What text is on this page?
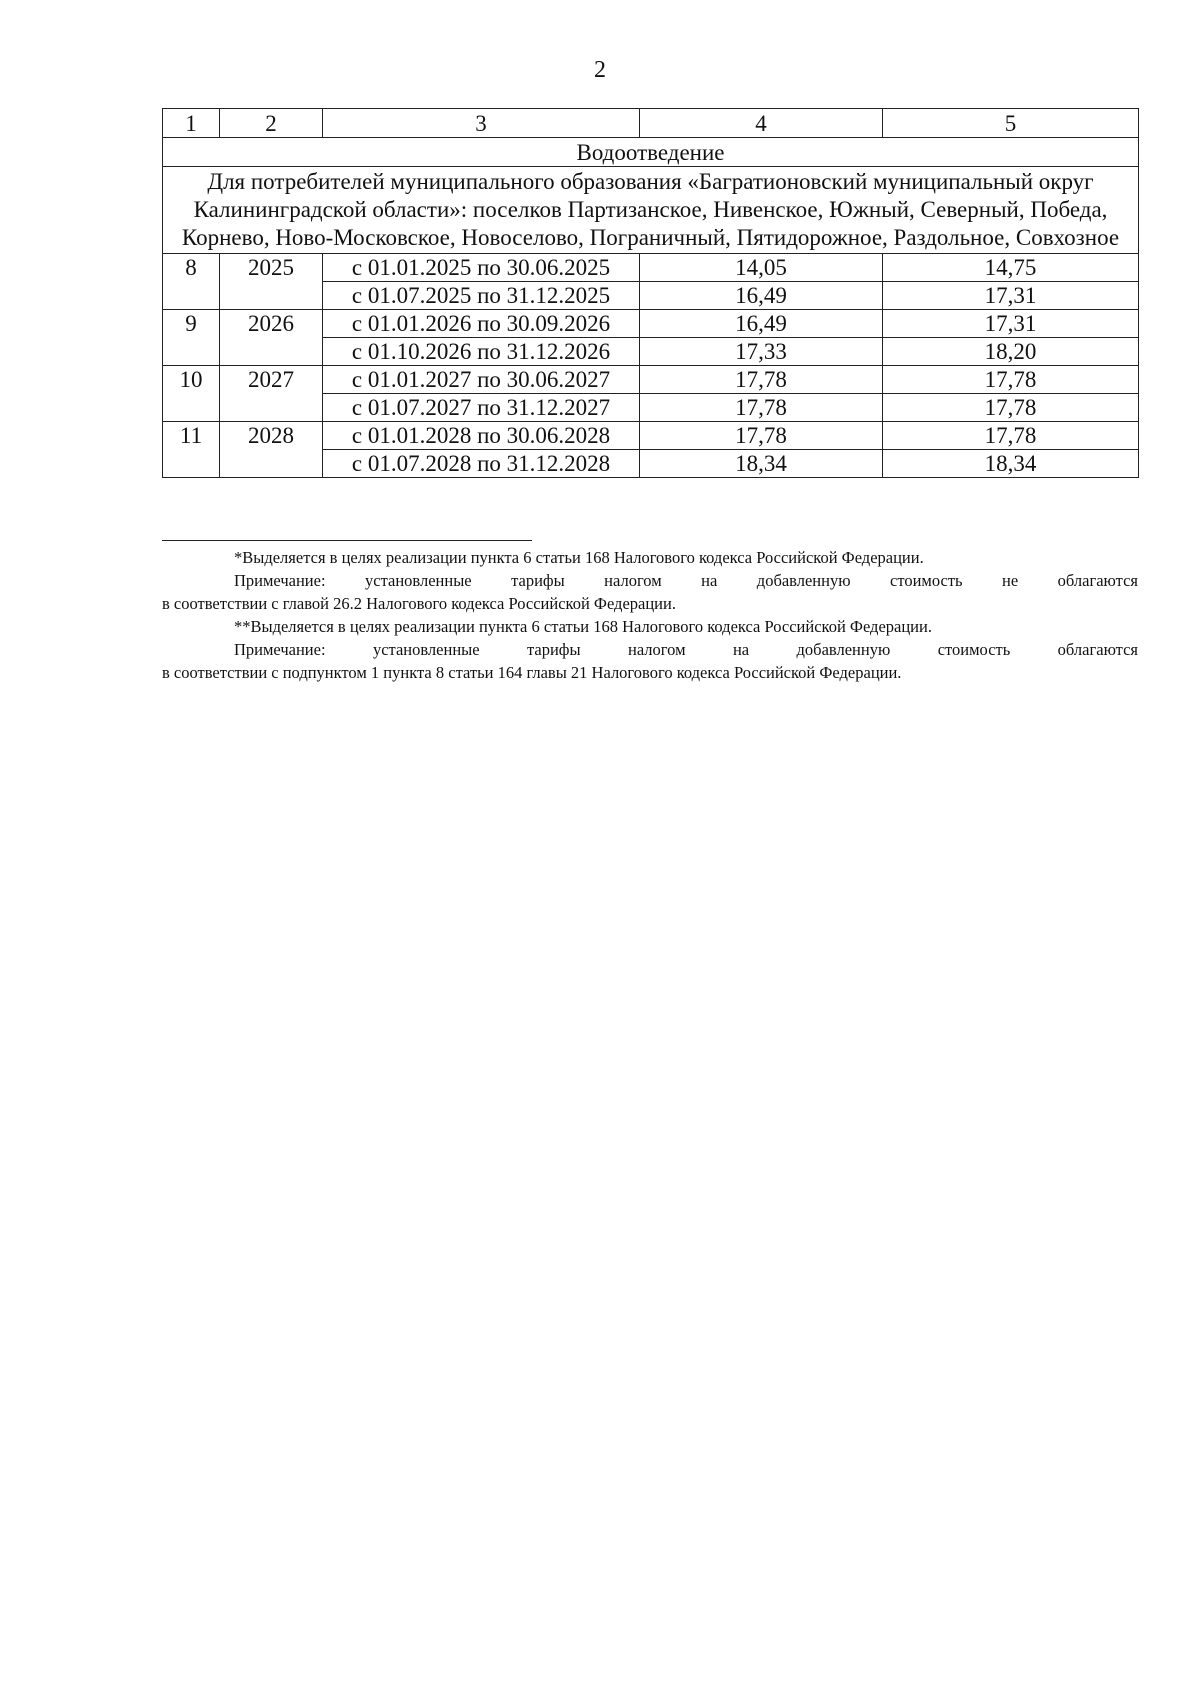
2
1	2	3	4	5
Водоотведение				
Для потребителей муниципального образования «Багратионовский муниципальный округ Калининградской области»: поселков Партизанское, Нивенское, Южный, Северный, Победа, Корнево, Ново-Московское, Новоселово, Пограничный, Пятидорожное, Раздольное, Совхозное				
8	2025	с 01.01.2025 по 30.06.2025	14,05	14,75
		с 01.07.2025 по 31.12.2025	16,49	17,31
9	2026	с 01.01.2026 по 30.09.2026	16,49	17,31
		с 01.10.2026 по 31.12.2026	17,33	18,20
10	2027	с 01.01.2027 по 30.06.2027	17,78	17,78
		с 01.07.2027 по 31.12.2027	17,78	17,78
11	2028	с 01.01.2028 по 30.06.2028	17,78	17,78
		с 01.07.2028 по 31.12.2028	18,34	18,34

*Выделяется в целях реализации пункта 6 статьи 168 Налогового кодекса Российской Федерации.

Примечание: установленные тарифы налогом на добавленную стоимость не облагаются

в соответствии с главой 26.2 Налогового кодекса Российской Федерации.

**Выделяется в целях реализации пункта 6 статьи 168 Налогового кодекса Российской Федерации.

Примечание: установленные тарифы налогом на добавленную стоимость облагаются

в соответствии с подпунктом 1 пункта 8 статьи 164 главы 21 Налогового кодекса Российской Федерации.
